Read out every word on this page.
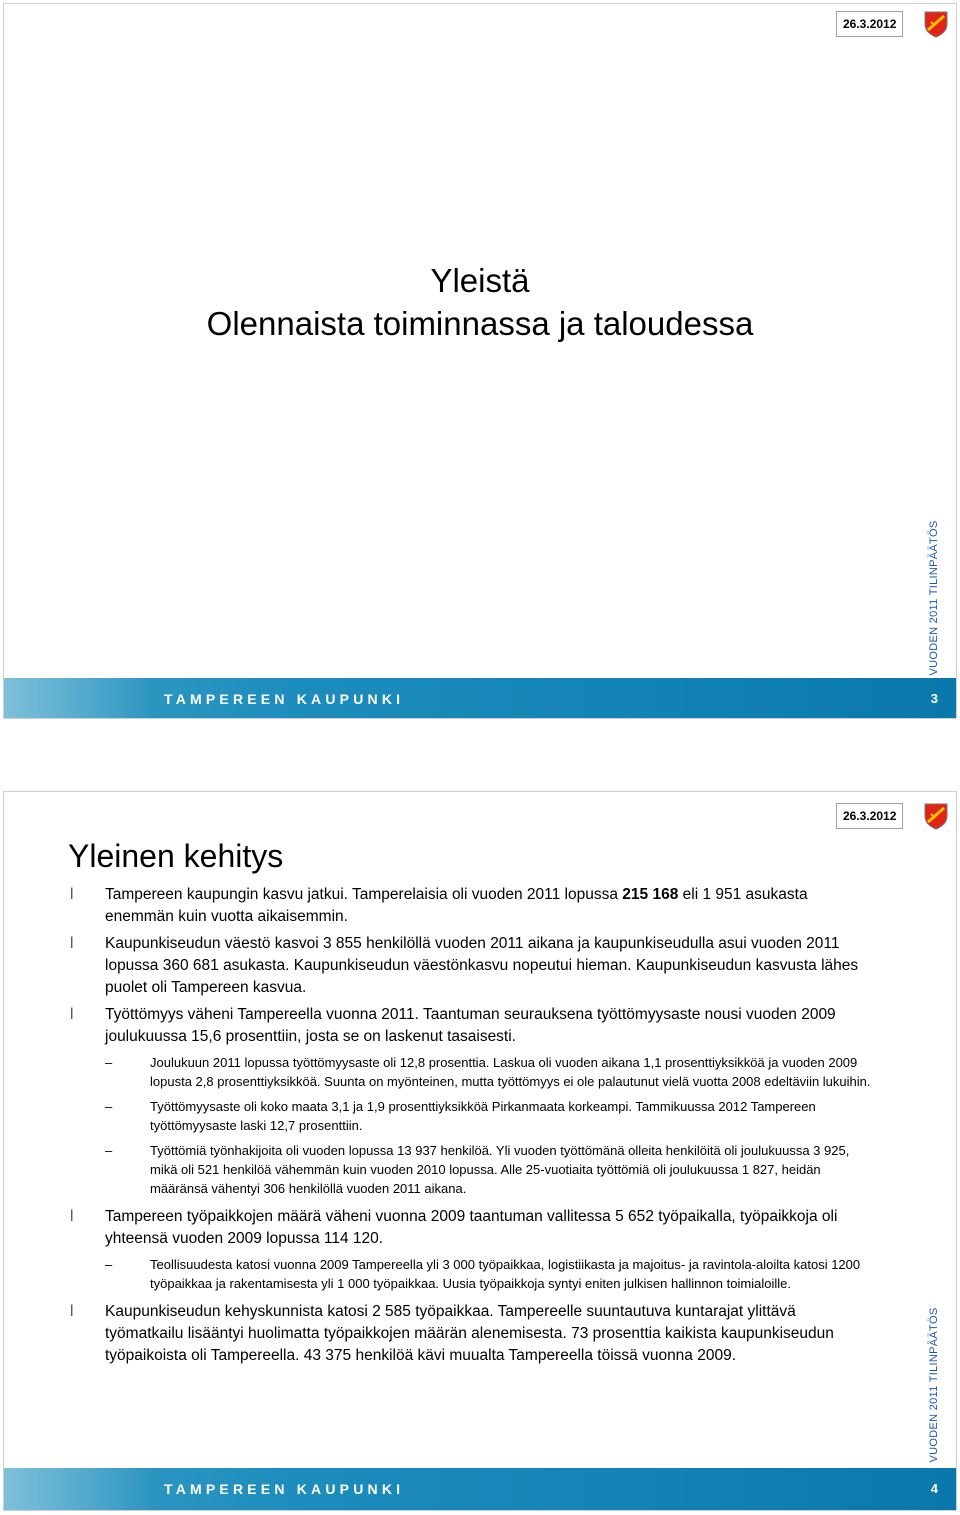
26.3.2012
Yleistä
Olennaista toiminnassa ja taloudessa
VUODEN 2011 TILINPÄÄTÖS
TAMPEREEN KAUPUNKI	3
26.3.2012
Yleinen kehitys
l Tampereen kaupungin kasvu jatkui. Tamperelaisia oli vuoden 2011 lopussa 215 168 eli 1 951 asukasta enemmän kuin vuotta aikaisemmin.
l Kaupunkiseudun väestö kasvoi 3 855 henkilöllä vuoden 2011 aikana ja kaupunkiseudulla asui vuoden 2011 lopussa 360 681 asukasta. Kaupunkiseudun väestönkasvu nopeutui hieman. Kaupunkiseudun kasvusta lähes puolet oli Tampereen kasvua.
l Työttömyys väheni Tampereella vuonna 2011. Taantuman seurauksena työttömyysaste nousi vuoden 2009 joulukuussa 15,6 prosenttiin, josta se on laskenut tasaisesti.
–	Joulukuun 2011 lopussa työttömyysaste oli 12,8 prosenttia. Laskua oli vuoden aikana 1,1 prosenttiyksikköä ja vuoden 2009 lopusta 2,8 prosenttiyksikköä. Suunta on myönteinen, mutta työttömyys ei ole palautunut vielä vuotta 2008 edeltäviin lukuihin.
–	Työttömyysaste oli koko maata 3,1 ja 1,9 prosenttiyksikköä Pirkanmaata korkeampi. Tammikuussa 2012 Tampereen työttömyysaste laski 12,7 prosenttiin.
–	Työttömiä työnhakijoita oli vuoden lopussa 13 937 henkilöä. Yli vuoden työttömänä olleita henkilöitä oli joulukuussa 3 925, mikä oli 521 henkilöä vähemmän kuin vuoden 2010 lopussa. Alle 25-vuotiaita työttömiä oli joulukuussa 1 827, heidän määränsä vähentyi 306 henkilöllä vuoden 2011 aikana.
l Tampereen työpaikkojen määrä väheni vuonna 2009 taantuman vallitessa 5 652 työpaikalla, työpaikkoja oli yhteensä vuoden 2009 lopussa 114 120.
–	Teollisuudesta katosi vuonna 2009 Tampereella yli 3 000 työpaikkaa, logistiikasta ja majoitus- ja ravintola-aloilta katosi 1200 työpaikkaa ja rakentamisesta yli 1 000 työpaikkaa. Uusia työpaikkoja syntyi eniten julkisen hallinnon toimialoille.
l Kaupunkiseudun kehyskunnista katosi 2 585 työpaikkaa. Tampereelle suuntautuva kuntarajat ylittävä työmatkailu lisääntyi huolimatta työpaikkojen määrän alenemisesta. 73 prosenttia kaikista kaupunkiseudun työpaikoista oli Tampereella. 43 375 henkilöä kävi muualta Tampereella töissä vuonna 2009.	VUODEN 2011 TILINPÄÄTÖS
TAMPEREEN KAUPUNKI	4
